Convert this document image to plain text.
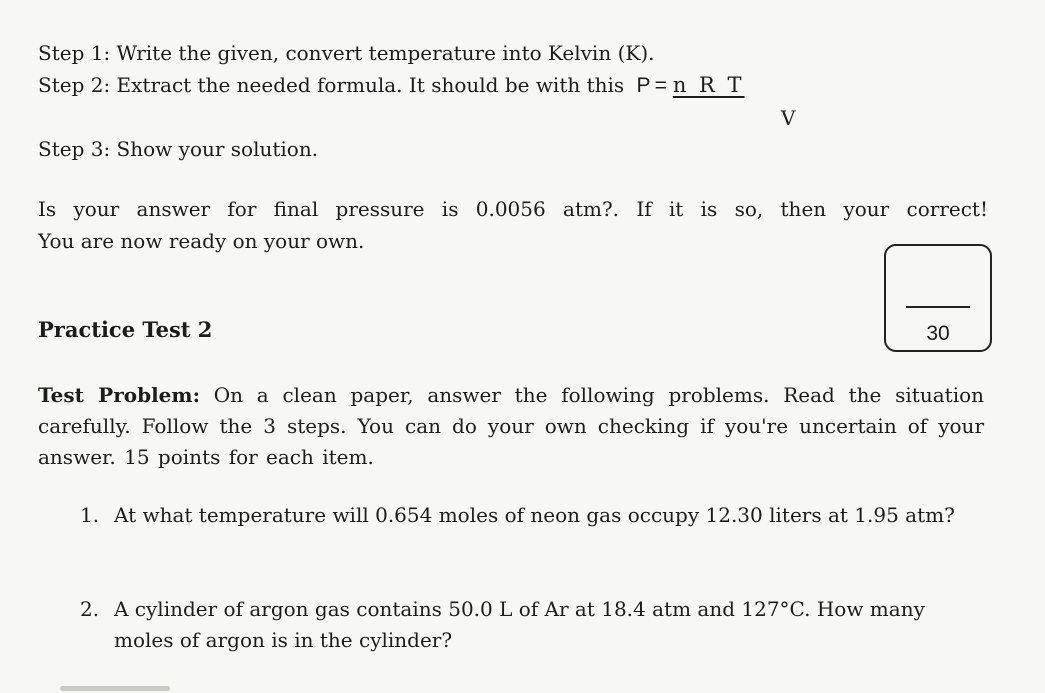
Step 1: Write the given, convert temperature into Kelvin (K).
Step 2: Extract the needed formula. It should be with this P = n R T
V
Step 3: Show your solution.
Is your answer for final pressure is 0.0056 atm?. If it is so, then your correct!
You are now ready on your own.
30
Practice Test 2
Test Problem: On a clean paper, answer the following problems. Read the situation carefully. Follow the 3 steps. You can do your own checking if you're uncertain of your answer. 15 points for each item.
1. At what temperature will 0.654 moles of neon gas occupy 12.30 liters at 1.95 atm?
2. A cylinder of argon gas contains 50.0 L of Ar at 18.4 atm and 127°C. How many moles of argon is in the cylinder?
